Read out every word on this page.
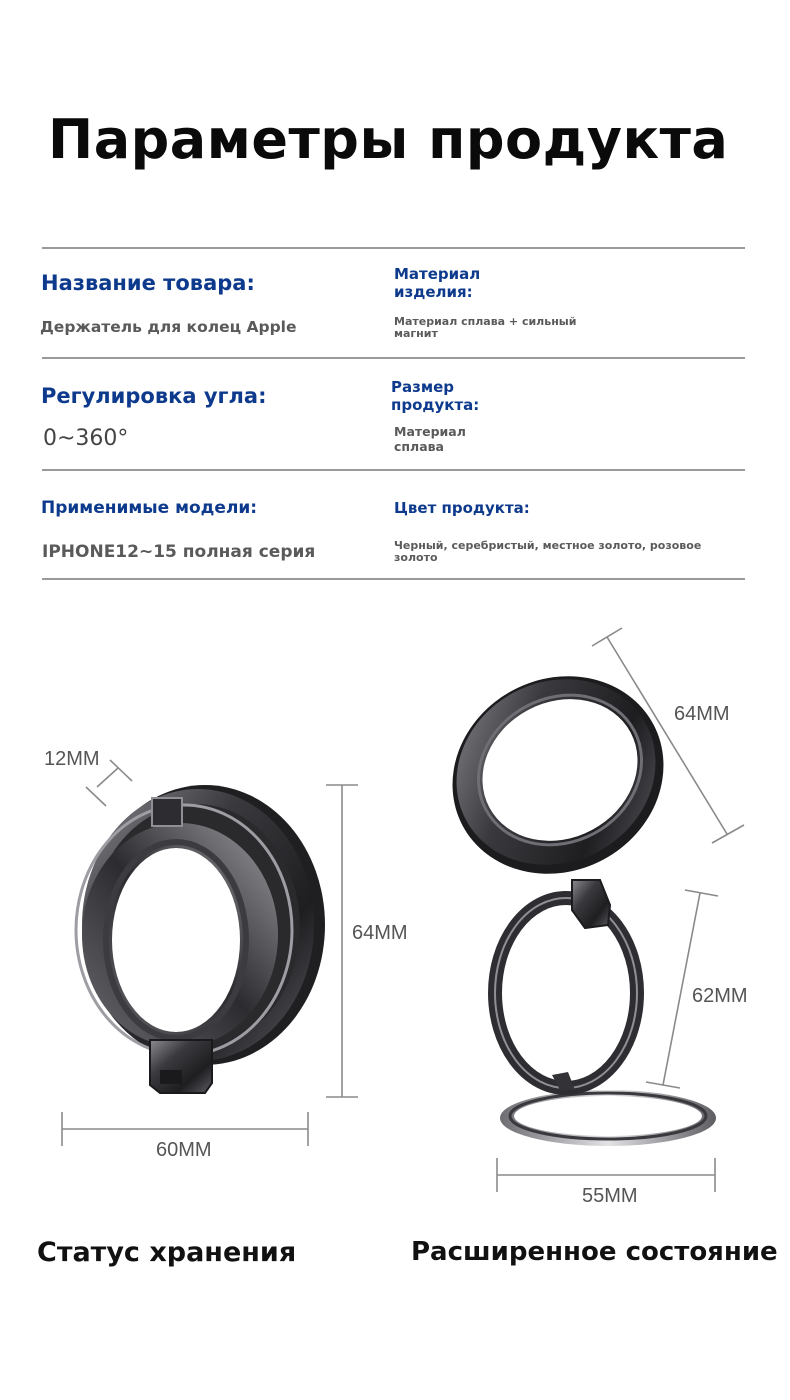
Параметры продукта

Название товара:

Держатель для колец Apple

Материал
изделия:
Материал сплава + сильный
магнит

Регулировка угла:

0~360°

Размер
продукта:
Материал
сплава

Применимые модели:

IPHONE12~15 полная серия

Цвет продукта:

Черный, серебристый, местное золото, розовое
золото

12MM

64MM

60MM

64MM

62MM

55MM

Статус хранения	Расширенное состояние
